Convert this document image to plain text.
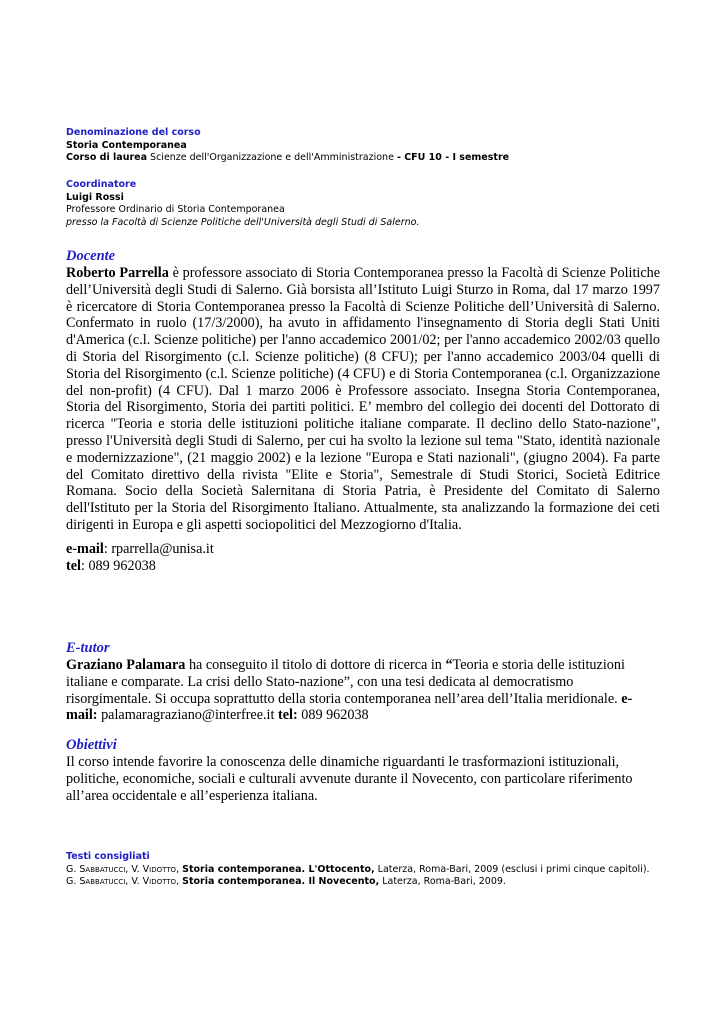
Denominazione del corso
Storia Contemporanea
Corso di laurea Scienze dell'Organizzazione e dell'Amministrazione - CFU 10 - I semestre
Coordinatore
Luigi Rossi
Professore Ordinario di Storia Contemporanea
presso la Facoltà di Scienze Politiche dell'Università degli Studi di Salerno.
Docente
Roberto Parrella è professore associato di Storia Contemporanea presso la Facoltà di Scienze Politiche dell’Università degli Studi di Salerno. Già borsista all’Istituto Luigi Sturzo in Roma, dal 17 marzo 1997 è ricercatore di Storia Contemporanea presso la Facoltà di Scienze Politiche dell’Università di Salerno. Confermato in ruolo (17/3/2000), ha avuto in affidamento l'insegnamento di Storia degli Stati Uniti d'America (c.l. Scienze politiche) per l'anno accademico 2001/02; per l'anno accademico 2002/03 quello di Storia del Risorgimento (c.l. Scienze politiche) (8 CFU); per l'anno accademico 2003/04 quelli di Storia del Risorgimento (c.l. Scienze politiche) (4 CFU) e di Storia Contemporanea (c.l. Organizzazione del non-profit) (4 CFU). Dal 1 marzo 2006 è Professore associato. Insegna Storia Contemporanea, Storia del Risorgimento, Storia dei partiti politici. E’ membro del collegio dei docenti del Dottorato di ricerca "Teoria e storia delle istituzioni politiche italiane comparate. Il declino dello Stato-nazione", presso l'Università degli Studi di Salerno, per cui ha svolto la lezione sul tema "Stato, identità nazionale e modernizzazione", (21 maggio 2002) e la lezione "Europa e Stati nazionali", (giugno 2004). Fa parte del Comitato direttivo della rivista "Elite e Storia", Semestrale di Studi Storici, Società Editrice Romana. Socio della Società Salernitana di Storia Patria, è Presidente del Comitato di Salerno dell'Istituto per la Storia del Risorgimento Italiano. Attualmente, sta analizzando la formazione dei ceti dirigenti in Europa e gli aspetti sociopolitici del Mezzogiorno d'Italia.
e-mail: rparrella@unisa.it
tel: 089 962038
E-tutor
Graziano Palamara ha conseguito il titolo di dottore di ricerca in “Teoria e storia delle istituzioni italiane e comparate. La crisi dello Stato-nazione”, con una tesi dedicata al democratismo risorgimentale. Si occupa soprattutto della storia contemporanea nell’area dell’Italia meridionale. e-mail: palamaragraziano@interfree.it tel: 089 962038
Obiettivi
Il corso intende favorire la conoscenza delle dinamiche riguardanti le trasformazioni istituzionali, politiche, economiche, sociali e culturali avvenute durante il Novecento, con particolare riferimento all’area occidentale e all’esperienza italiana.
Testi consigliati
G. Sabbatucci, V. Vidotto, Storia contemporanea. L'Ottocento, Laterza, Roma-Bari, 2009 (esclusi i primi cinque capitoli).
G. Sabbatucci, V. Vidotto, Storia contemporanea. Il Novecento, Laterza, Roma-Bari, 2009.
